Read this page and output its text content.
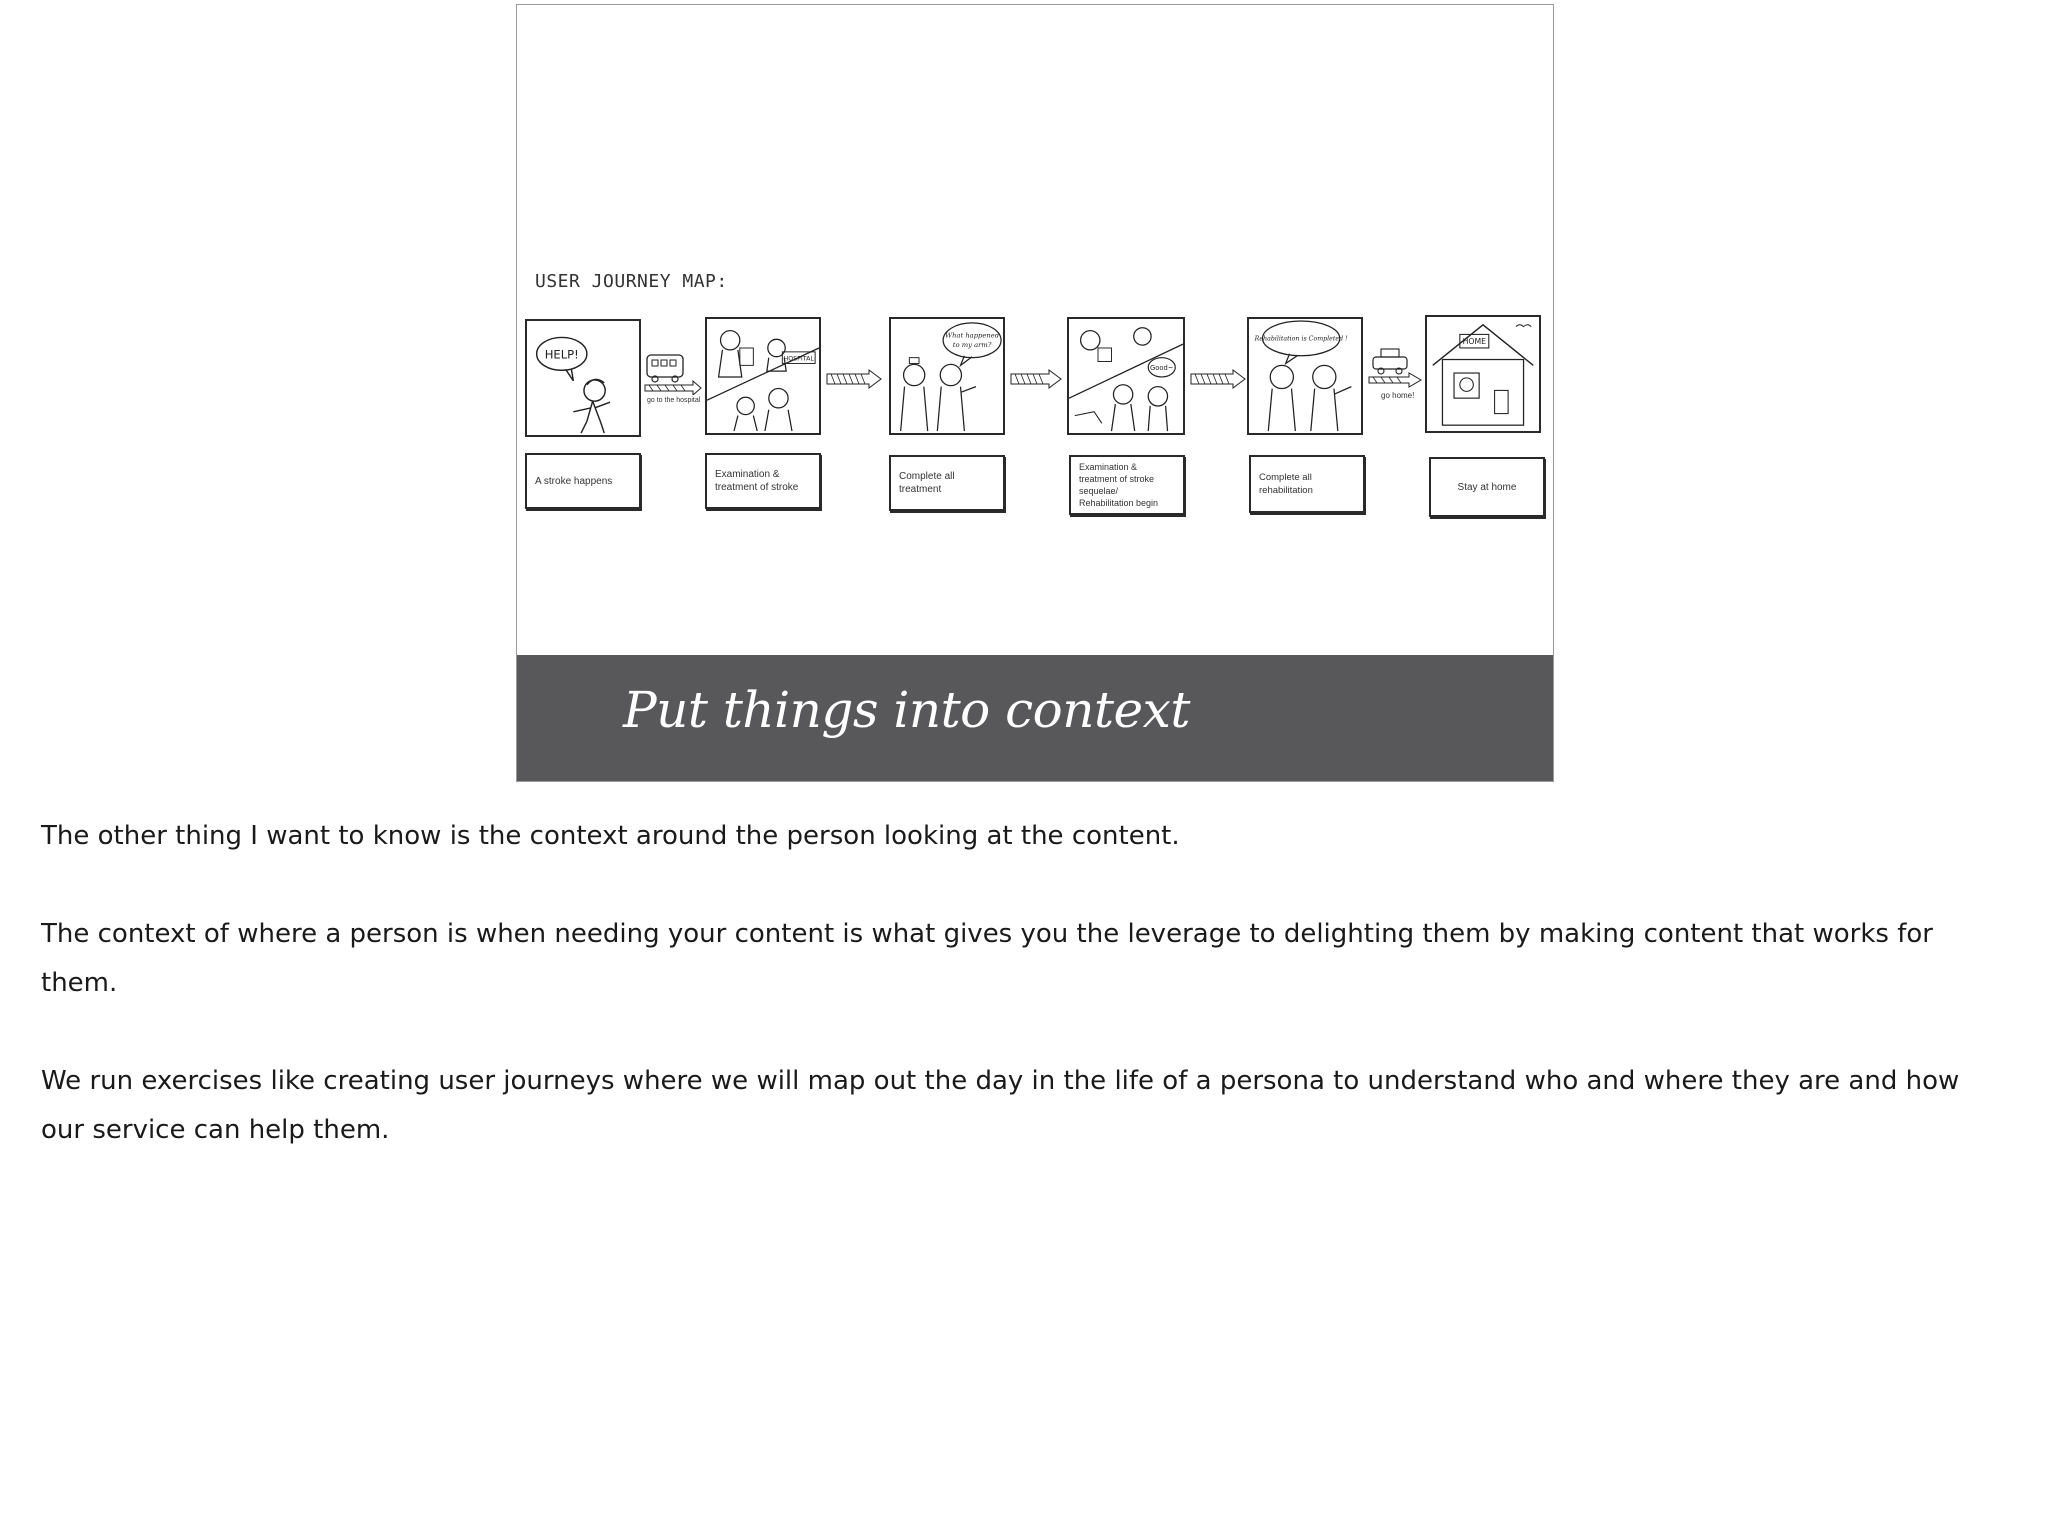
USER JOURNEY MAP:
HELP!
go to the hospital
HOSPITAL
What happened
to my arm?
Good~
Rehabilitation is Completed !
go home!
HOME
A stroke happens
Examination & treatment of stroke
Complete all treatment
Examination & treatment of stroke sequelae/ Rehabilitation begin
Complete all rehabilitation	Stay at home
Put things into context

The other thing I want to know is the context around the person looking at the content.

The context of where a person is when needing your content is what gives you the leverage to delighting them by making content that works for them.

We run exercises like creating user journeys where we will map out the day in the life of a persona to understand who and where they are and how our service can help them.
